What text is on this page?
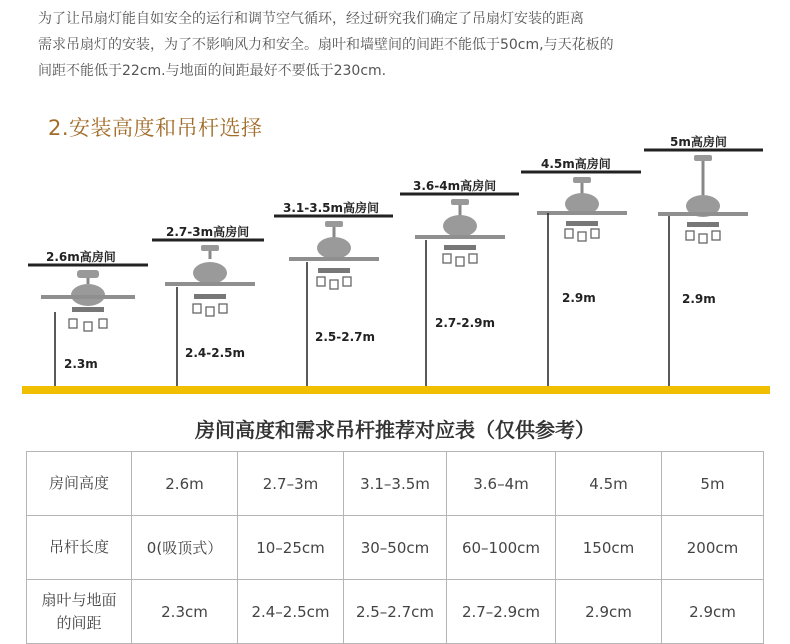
为了让吊扇灯能自如安全的运行和调节空气循环，经过研究我们确定了吊扇灯安装的距离
需求吊扇灯的安装，为了不影响风力和安全。扇叶和墙壁间的间距不能低于50cm,与天花板的
间距不能低于22cm.与地面的间距最好不要低于230cm.
2.安装高度和吊杆选择
2.6m高房间
2.7-3m高房间
3.1-3.5m高房间
3.6-4m高房间
4.5m高房间
5m高房间
2.3m
2.4-2.5m
2.5-2.7m
2.7-2.9m
2.9m	2.9m
房间高度和需求吊杆推荐对应表（仅供参考）
房间高度	2.6m	2.7–3m	3.1–3.5m	3.6–4m	4.5m	5m
吊杆长度	0(吸顶式）	10–25cm	30–50cm	60–100cm	150cm	200cm

扇叶与地面
的间距	2.3cm	2.4–2.5cm	2.5–2.7cm	2.7–2.9cm	2.9cm	2.9cm
